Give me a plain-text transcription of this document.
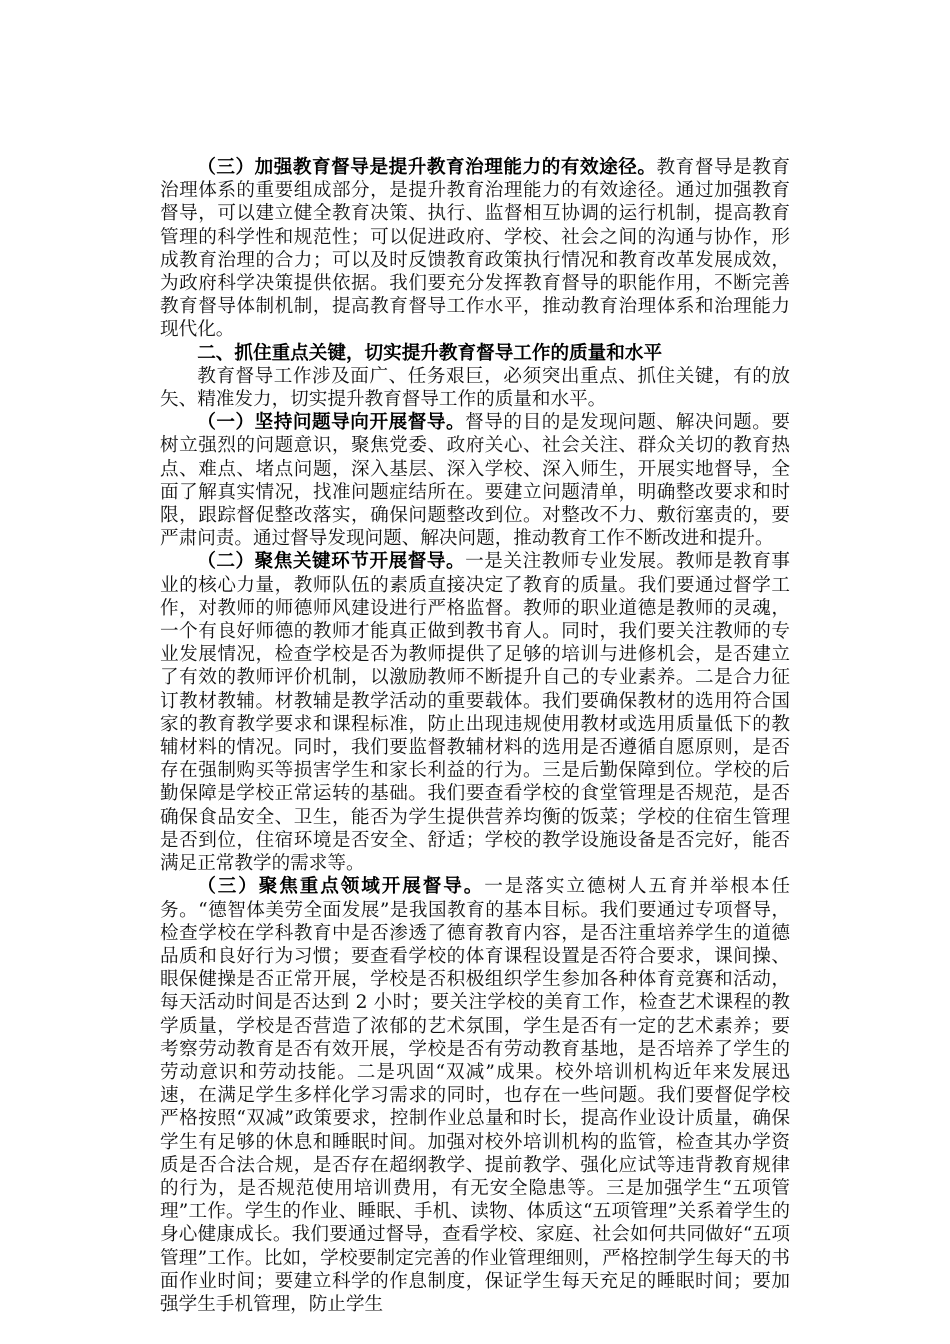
（三）加强教育督导是提升教育治理能力的有效途径。教育督导是教育治理体系的重要组成部分，是提升教育治理能力的有效途径。通过加强教育督导，可以建立健全教育决策、执行、监督相互协调的运行机制，提高教育管理的科学性和规范性；可以促进政府、学校、社会之间的沟通与协作，形成教育治理的合力；可以及时反馈教育政策执行情况和教育改革发展成效，为政府科学决策提供依据。我们要充分发挥教育督导的职能作用，不断完善教育督导体制机制，提高教育督导工作水平，推动教育治理体系和治理能力现代化。

二、抓住重点关键，切实提升教育督导工作的质量和水平

教育督导工作涉及面广、任务艰巨，必须突出重点、抓住关键，有的放矢、精准发力，切实提升教育督导工作的质量和水平。

（一）坚持问题导向开展督导。督导的目的是发现问题、解决问题。要树立强烈的问题意识，聚焦党委、政府关心、社会关注、群众关切的教育热点、难点、堵点问题，深入基层、深入学校、深入师生，开展实地督导，全面了解真实情况，找准问题症结所在。要建立问题清单，明确整改要求和时限，跟踪督促整改落实，确保问题整改到位。对整改不力、敷衍塞责的，要严肃问责。通过督导发现问题、解决问题，推动教育工作不断改进和提升。

（二）聚焦关键环节开展督导。一是关注教师专业发展。教师是教育事业的核心力量，教师队伍的素质直接决定了教育的质量。我们要通过督学工作，对教师的师德师风建设进行严格监督。教师的职业道德是教师的灵魂，一个有良好师德的教师才能真正做到教书育人。同时，我们要关注教师的专业发展情况，检查学校是否为教师提供了足够的培训与进修机会，是否建立了有效的教师评价机制，以激励教师不断提升自己的专业素养。二是合力征订教材教辅。材教辅是教学活动的重要载体。我们要确保教材的选用符合国家的教育教学要求和课程标准，防止出现违规使用教材或选用质量低下的教辅材料的情况。同时，我们要监督教辅材料的选用是否遵循自愿原则，是否存在强制购买等损害学生和家长利益的行为。三是后勤保障到位。学校的后勤保障是学校正常运转的基础。我们要查看学校的食堂管理是否规范，是否确保食品安全、卫生，能否为学生提供营养均衡的饭菜；学校的住宿生管理是否到位，住宿环境是否安全、舒适；学校的教学设施设备是否完好，能否满足正常教学的需求等。

（三）聚焦重点领域开展督导。一是落实立德树人五育并举根本任务。“德智体美劳全面发展”是我国教育的基本目标。我们要通过专项督导，检查学校在学科教育中是否渗透了德育教育内容，是否注重培养学生的道德品质和良好行为习惯；要查看学校的体育课程设置是否符合要求，课间操、眼保健操是否正常开展，学校是否积极组织学生参加各种体育竞赛和活动，每天活动时间是否达到 2 小时；要关注学校的美育工作，检查艺术课程的教学质量，学校是否营造了浓郁的艺术氛围，学生是否有一定的艺术素养；要考察劳动教育是否有效开展，学校是否有劳动教育基地，是否培养了学生的劳动意识和劳动技能。二是巩固“双减”成果。校外培训机构近年来发展迅速，在满足学生多样化学习需求的同时，也存在一些问题。我们要督促学校严格按照“双减”政策要求，控制作业总量和时长，提高作业设计质量，确保学生有足够的休息和睡眠时间。加强对校外培训机构的监管，检查其办学资质是否合法合规，是否存在超纲教学、提前教学、强化应试等违背教育规律的行为，是否规范使用培训费用，有无安全隐患等。三是加强学生“五项管理”工作。学生的作业、睡眠、手机、读物、体质这“五项管理”关系着学生的身心健康成长。我们要通过督导，查看学校、家庭、社会如何共同做好“五项管理”工作。比如，学校要制定完善的作业管理细则，严格控制学生每天的书面作业时间；要建立科学的作息制度，保证学生每天充足的睡眠时间；要加强学生手机管理，防止学生
